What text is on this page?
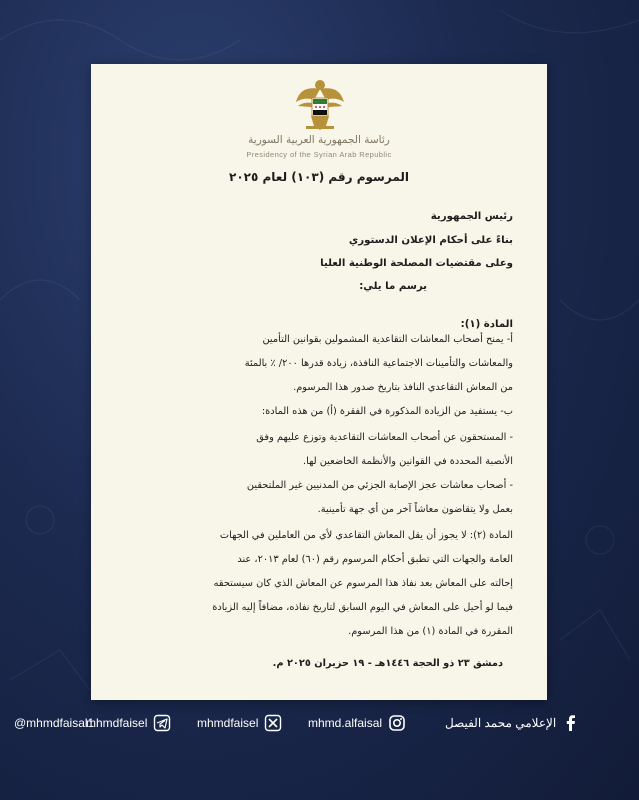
رئاسة الجمهورية العربية السورية
Presidency of the Syrian Arab Republic
المرسوم رقم (١٠٣) لعام ٢٠٢٥
رئيس الجمهورية
بناءً على أحكام الإعلان الدستوري
وعلى مقتضيات المصلحة الوطنية العليا
يرسم ما يلي:
المادة (١):
أ- يمنح أصحاب المعاشات التقاعدية المشمولين بقوانين التأمين
والمعاشات والتأمينات الاجتماعية النافذة، زيادة قدرها ٢٠٠/ ٪ بالمئة
من المعاش التقاعدي النافذ بتاريخ صدور هذا المرسوم.
ب- يستفيد من الزيادة المذكورة في الفقرة (أ) من هذه المادة:
- المستحقون عن أصحاب المعاشات التقاعدية وتوزع عليهم وفق
الأنصبة المحددة في القوانين والأنظمة الخاضعين لها.
- أصحاب معاشات عجز الإصابة الجزئي من المدنيين غير الملتحقين
بعمل ولا يتقاضون معاشاً آخر من أي جهة تأمينية.
المادة (٢): لا يجوز أن يقل المعاش التقاعدي لأي من العاملين في الجهات
العامة والجهات التي تطبق أحكام المرسوم رقم (٦٠) لعام ٢٠١٣، عند
إحالته على المعاش بعد نفاذ هذا المرسوم عن المعاش الذي كان سيستحقه
فيما لو أحيل على المعاش في اليوم السابق لتاريخ نفاذه، مضافاً إليه الزيادة
المقررة في المادة (١) من هذا المرسوم.
دمشق ٢٣ ذو الحجة ١٤٤٦هـ - ١٩ حزيران ٢٠٢٥ م.
الإعلامي محمد الفيصل
mhmd.alfaisal
mhmdfaisel
mhmdfaisel
@mhmdfaisal1
